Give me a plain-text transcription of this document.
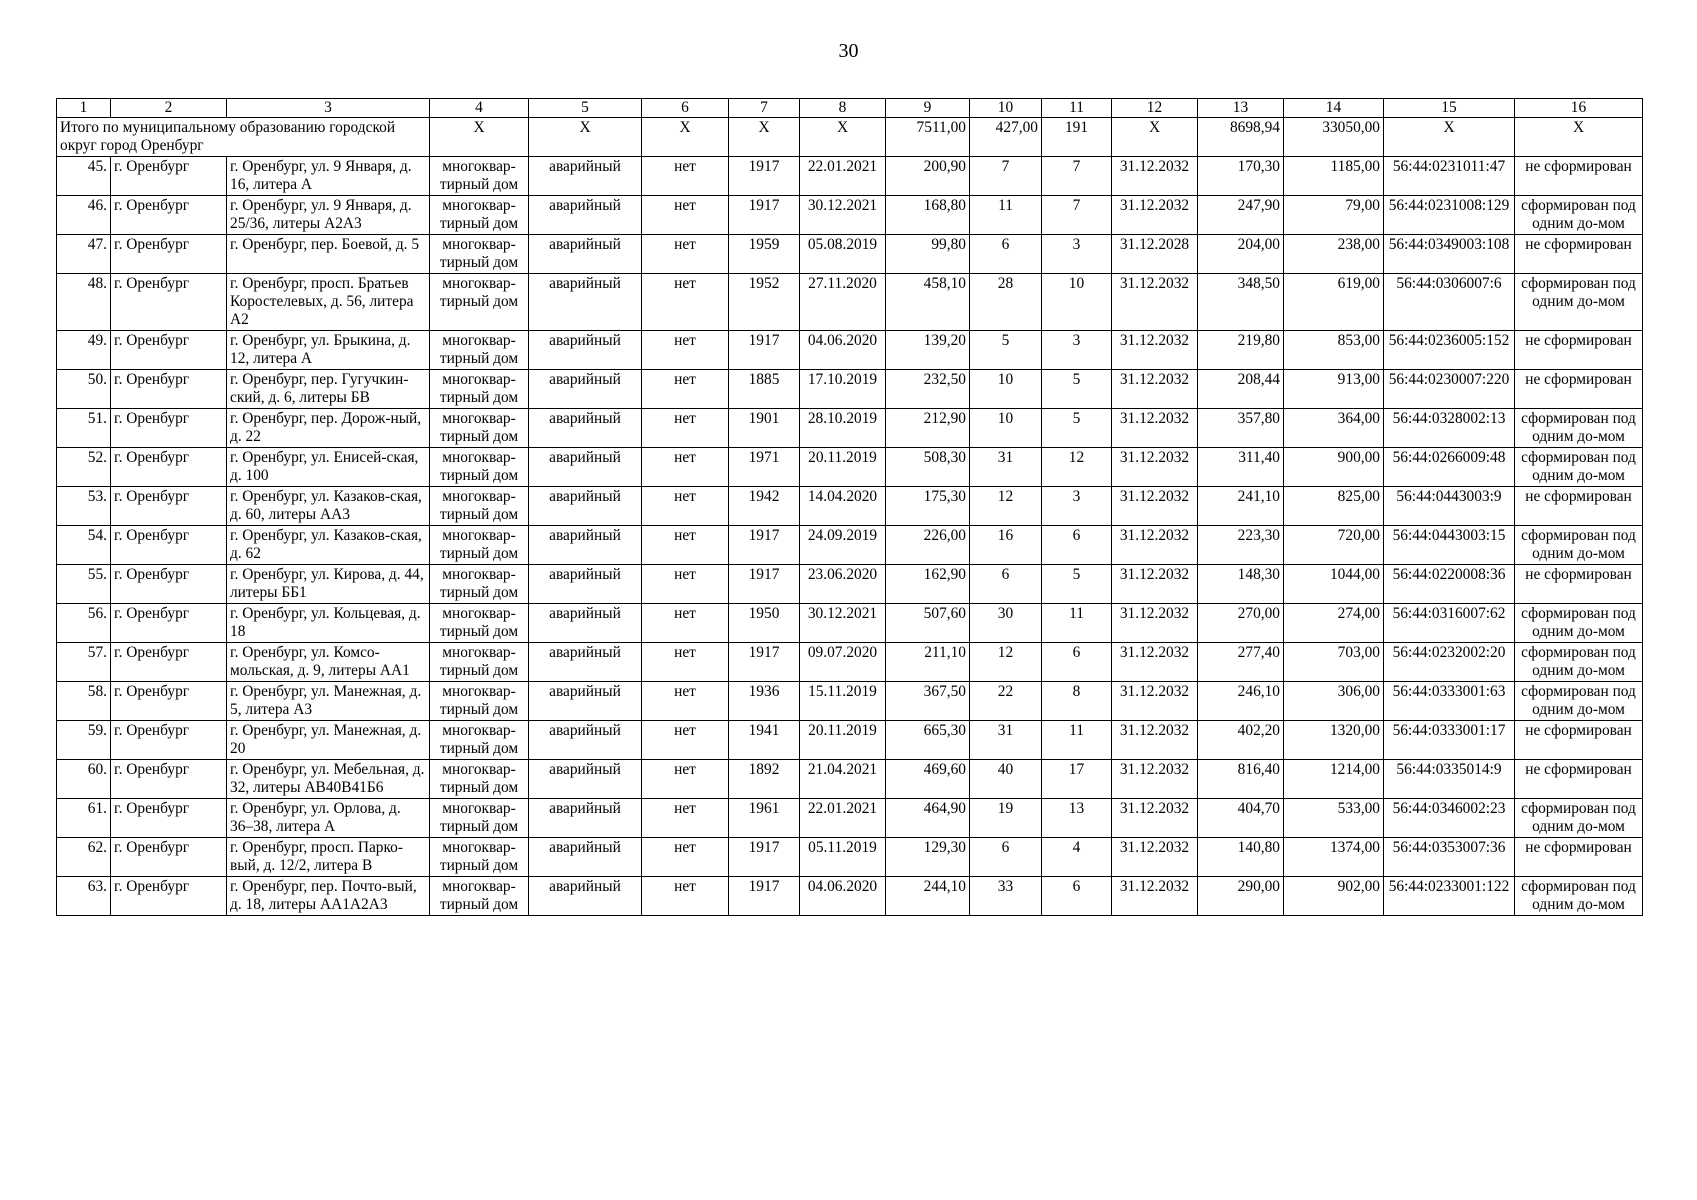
30
1	2	3	4	5	6	7	8	9	10	11	12	13	14	15	16
Итого по муниципальному образованию городской округ город Оренбург			X	X	X	X	X	7511,00	427,00	191	X	8698,94	33050,00	X	X
45.	г. Оренбург	г. Оренбург, ул. 9 Января, д. 16, литера А	многоквар-тирный дом	аварийный	нет	1917	22.01.2021	200,90	7	7	31.12.2032	170,30	1185,00	56:44:0231011:47	не сформирован
46.	г. Оренбург	г. Оренбург, ул. 9 Января, д. 25/36, литеры А2А3	многоквар-тирный дом	аварийный	нет	1917	30.12.2021	168,80	11	7	31.12.2032	247,90	79,00	56:44:0231008:129	сформирован под одним до-мом
47.	г. Оренбург	г. Оренбург, пер. Боевой, д. 5	многоквар-тирный дом	аварийный	нет	1959	05.08.2019	99,80	6	3	31.12.2028	204,00	238,00	56:44:0349003:108	не сформирован
48.	г. Оренбург	г. Оренбург, просп. Братьев Коростелевых, д. 56, литера А2	многоквар-тирный дом	аварийный	нет	1952	27.11.2020	458,10	28	10	31.12.2032	348,50	619,00	56:44:0306007:6	сформирован под одним до-мом
49.	г. Оренбург	г. Оренбург, ул. Брыкина, д. 12, литера А	многоквар-тирный дом	аварийный	нет	1917	04.06.2020	139,20	5	3	31.12.2032	219,80	853,00	56:44:0236005:152	не сформирован
50.	г. Оренбург	г. Оренбург, пер. Гугучкин-ский, д. 6, литеры БВ	многоквар-тирный дом	аварийный	нет	1885	17.10.2019	232,50	10	5	31.12.2032	208,44	913,00	56:44:0230007:220	не сформирован
51.	г. Оренбург	г. Оренбург, пер. Дорож-ный, д. 22	многоквар-тирный дом	аварийный	нет	1901	28.10.2019	212,90	10	5	31.12.2032	357,80	364,00	56:44:0328002:13	сформирован под одним до-мом
52.	г. Оренбург	г. Оренбург, ул. Енисей-ская, д. 100	многоквар-тирный дом	аварийный	нет	1971	20.11.2019	508,30	31	12	31.12.2032	311,40	900,00	56:44:0266009:48	сформирован под одним до-мом
53.	г. Оренбург	г. Оренбург, ул. Казаков-ская, д. 60, литеры АА3	многоквар-тирный дом	аварийный	нет	1942	14.04.2020	175,30	12	3	31.12.2032	241,10	825,00	56:44:0443003:9	не сформирован
54.	г. Оренбург	г. Оренбург, ул. Казаков-ская, д. 62	многоквар-тирный дом	аварийный	нет	1917	24.09.2019	226,00	16	6	31.12.2032	223,30	720,00	56:44:0443003:15	сформирован под одним до-мом
55.	г. Оренбург	г. Оренбург, ул. Кирова, д. 44, литеры ББ1	многоквар-тирный дом	аварийный	нет	1917	23.06.2020	162,90	6	5	31.12.2032	148,30	1044,00	56:44:0220008:36	не сформирован
56.	г. Оренбург	г. Оренбург, ул. Кольцевая, д. 18	многоквар-тирный дом	аварийный	нет	1950	30.12.2021	507,60	30	11	31.12.2032	270,00	274,00	56:44:0316007:62	сформирован под одним до-мом
57.	г. Оренбург	г. Оренбург, ул. Комсо-мольская, д. 9, литеры АА1	многоквар-тирный дом	аварийный	нет	1917	09.07.2020	211,10	12	6	31.12.2032	277,40	703,00	56:44:0232002:20	сформирован под одним до-мом
58.	г. Оренбург	г. Оренбург, ул. Манежная, д. 5, литера А3	многоквар-тирный дом	аварийный	нет	1936	15.11.2019	367,50	22	8	31.12.2032	246,10	306,00	56:44:0333001:63	сформирован под одним до-мом
59.	г. Оренбург	г. Оренбург, ул. Манежная, д. 20	многоквар-тирный дом	аварийный	нет	1941	20.11.2019	665,30	31	11	31.12.2032	402,20	1320,00	56:44:0333001:17	не сформирован
60.	г. Оренбург	г. Оренбург, ул. Мебельная, д. 32, литеры АВ40В41Б6	многоквар-тирный дом	аварийный	нет	1892	21.04.2021	469,60	40	17	31.12.2032	816,40	1214,00	56:44:0335014:9	не сформирован
61.	г. Оренбург	г. Оренбург, ул. Орлова, д. 36–38, литера А	многоквар-тирный дом	аварийный	нет	1961	22.01.2021	464,90	19	13	31.12.2032	404,70	533,00	56:44:0346002:23	сформирован под одним до-мом
62.	г. Оренбург	г. Оренбург, просп. Парко-вый, д. 12/2, литера В	многоквар-тирный дом	аварийный	нет	1917	05.11.2019	129,30	6	4	31.12.2032	140,80	1374,00	56:44:0353007:36	не сформирован
63.	г. Оренбург	г. Оренбург, пер. Почто-вый, д. 18, литеры АА1А2А3	многоквар-тирный дом	аварийный	нет	1917	04.06.2020	244,10	33	6	31.12.2032	290,00	902,00	56:44:0233001:122	сформирован под одним до-мом
